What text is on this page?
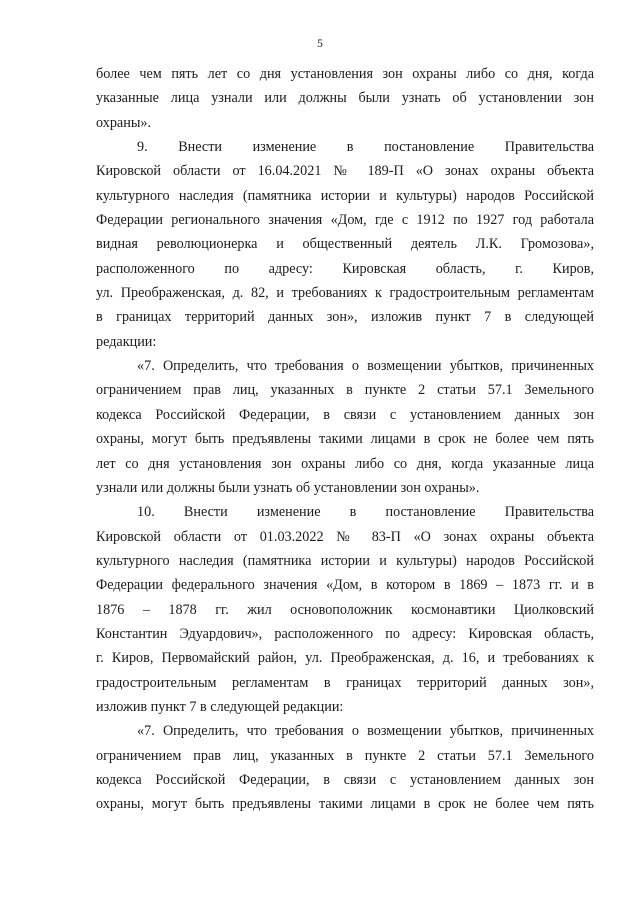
5
более чем пять лет со дня установления зон охраны либо со дня, когда
указанные лица узнали или должны были узнать об установлении зон
охраны».
9. Внести изменение в постановление Правительства
Кировской области от 16.04.2021 № 189-П «О зонах охраны объекта
культурного наследия (памятника истории и культуры) народов Российской
Федерации регионального значения «Дом, где с 1912 по 1927 год работала
видная революционерка и общественный деятель Л.К. Громозова»,
расположенного по адресу: Кировская область, г. Киров,
ул. Преображенская, д. 82, и требованиях к градостроительным регламентам
в границах территорий данных зон», изложив пункт 7 в следующей
редакции:
«7. Определить, что требования о возмещении убытков, причиненных
ограничением прав лиц, указанных в пункте 2 статьи 57.1 Земельного
кодекса Российской Федерации, в связи с установлением данных зон
охраны, могут быть предъявлены такими лицами в срок не более чем пять
лет со дня установления зон охраны либо со дня, когда указанные лица
узнали или должны были узнать об установлении зон охраны».
10. Внести изменение в постановление Правительства
Кировской области от 01.03.2022 № 83-П «О зонах охраны объекта
культурного наследия (памятника истории и культуры) народов Российской
Федерации федерального значения «Дом, в котором в 1869 – 1873 гг. и в
1876 – 1878 гг. жил основоположник космонавтики Циолковский
Константин Эдуардович», расположенного по адресу: Кировская область,
г. Киров, Первомайский район, ул. Преображенская, д. 16, и требованиях к
градостроительным регламентам в границах территорий данных зон»,
изложив пункт 7 в следующей редакции:
«7. Определить, что требования о возмещении убытков, причиненных
ограничением прав лиц, указанных в пункте 2 статьи 57.1 Земельного
кодекса Российской Федерации, в связи с установлением данных зон
охраны, могут быть предъявлены такими лицами в срок не более чем пять
